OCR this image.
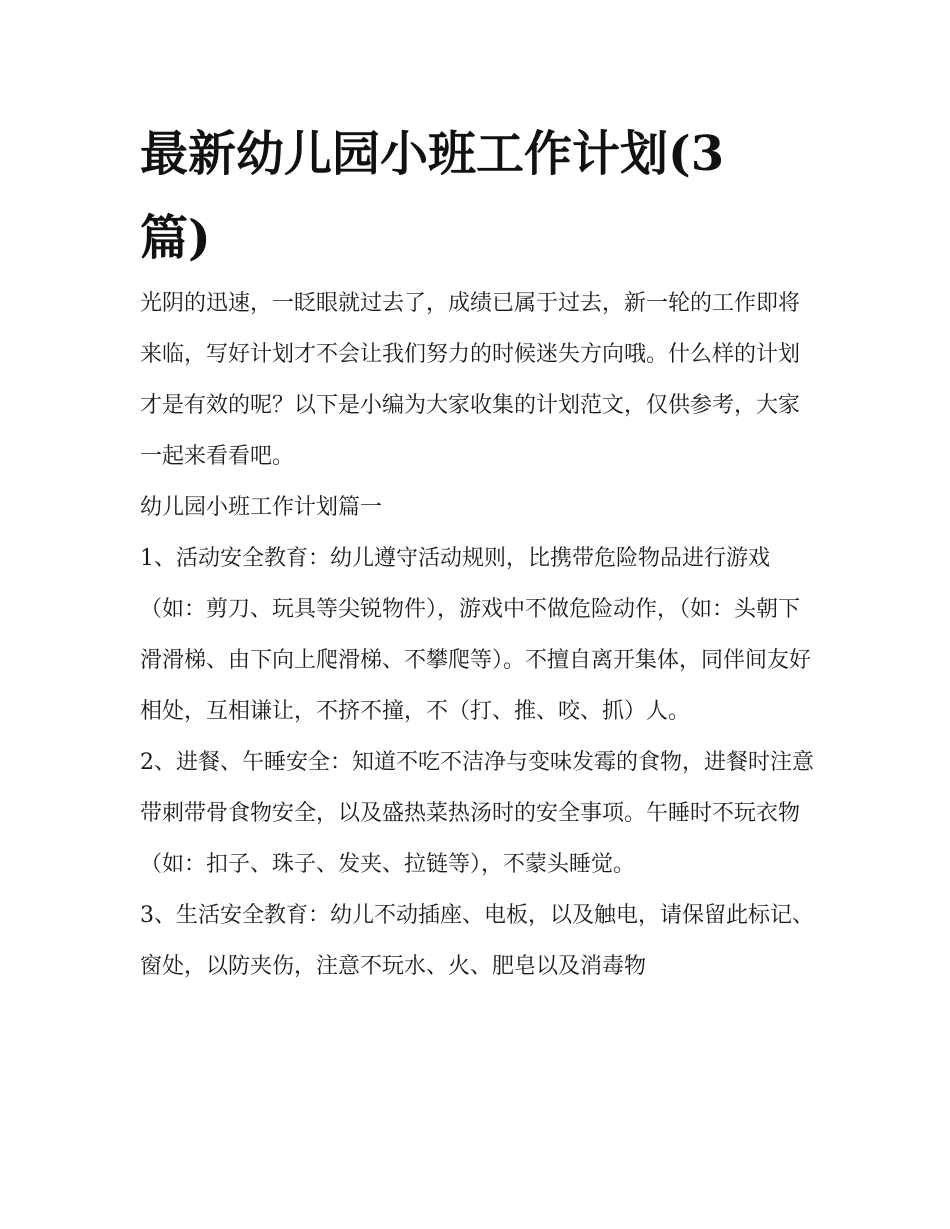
最新幼儿园小班工作计划(3篇)

光阴的迅速，一眨眼就过去了，成绩已属于过去，新一轮的工作即将来临，写好计划才不会让我们努力的时候迷失方向哦。什么样的计划才是有效的呢？以下是小编为大家收集的计划范文，仅供参考，大家一起来看看吧。

幼儿园小班工作计划篇一

1、活动安全教育：幼儿遵守活动规则，比携带危险物品进行游戏（如：剪刀、玩具等尖锐物件），游戏中不做危险动作，（如：头朝下滑滑梯、由下向上爬滑梯、不攀爬等）。不擅自离开集体，同伴间友好相处，互相谦让，不挤不撞，不（打、推、咬、抓）人。

2、进餐、午睡安全：知道不吃不洁净与变味发霉的食物，进餐时注意带刺带骨食物安全，以及盛热菜热汤时的安全事项。午睡时不玩衣物（如：扣子、珠子、发夹、拉链等），不蒙头睡觉。

3、生活安全教育：幼儿不动插座、电板，以及触电，请保留此标记、窗处，以防夹伤，注意不玩水、火、肥皂以及消毒物
